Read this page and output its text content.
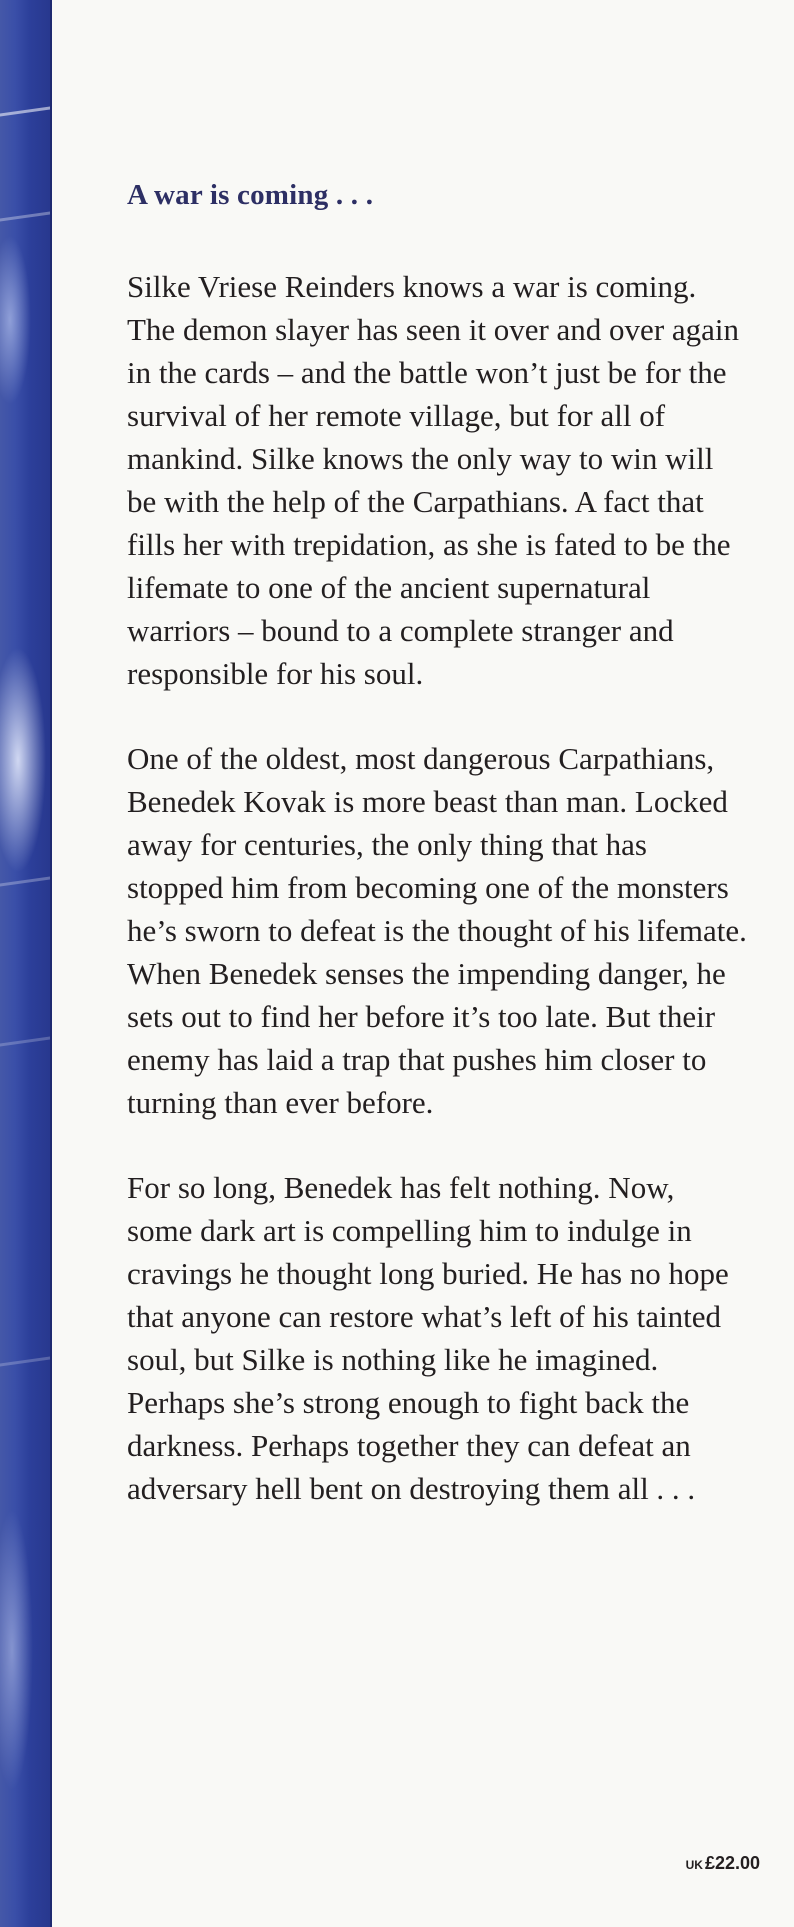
A war is coming . . .

Silke Vriese Reinders knows a war is coming. The demon slayer has seen it over and over again in the cards – and the battle won’t just be for the survival of her remote village, but for all of mankind. Silke knows the only way to win will be with the help of the Carpathians. A fact that fills her with trepidation, as she is fated to be the lifemate to one of the ancient supernatural warriors – bound to a complete stranger and responsible for his soul.

One of the oldest, most dangerous Carpathians, Benedek Kovak is more beast than man. Locked away for centuries, the only thing that has stopped him from becoming one of the monsters he’s sworn to defeat is the thought of his lifemate. When Benedek senses the impending danger, he sets out to find her before it’s too late. But their enemy has laid a trap that pushes him closer to turning than ever before.

For so long, Benedek has felt nothing. Now, some dark art is compelling him to indulge in cravings he thought long buried. He has no hope that anyone can restore what’s left of his tainted soul, but Silke is nothing like he imagined. Perhaps she’s strong enough to fight back the darkness. Perhaps together they can defeat an adversary hell bent on destroying them all . . .

UK £22.00
